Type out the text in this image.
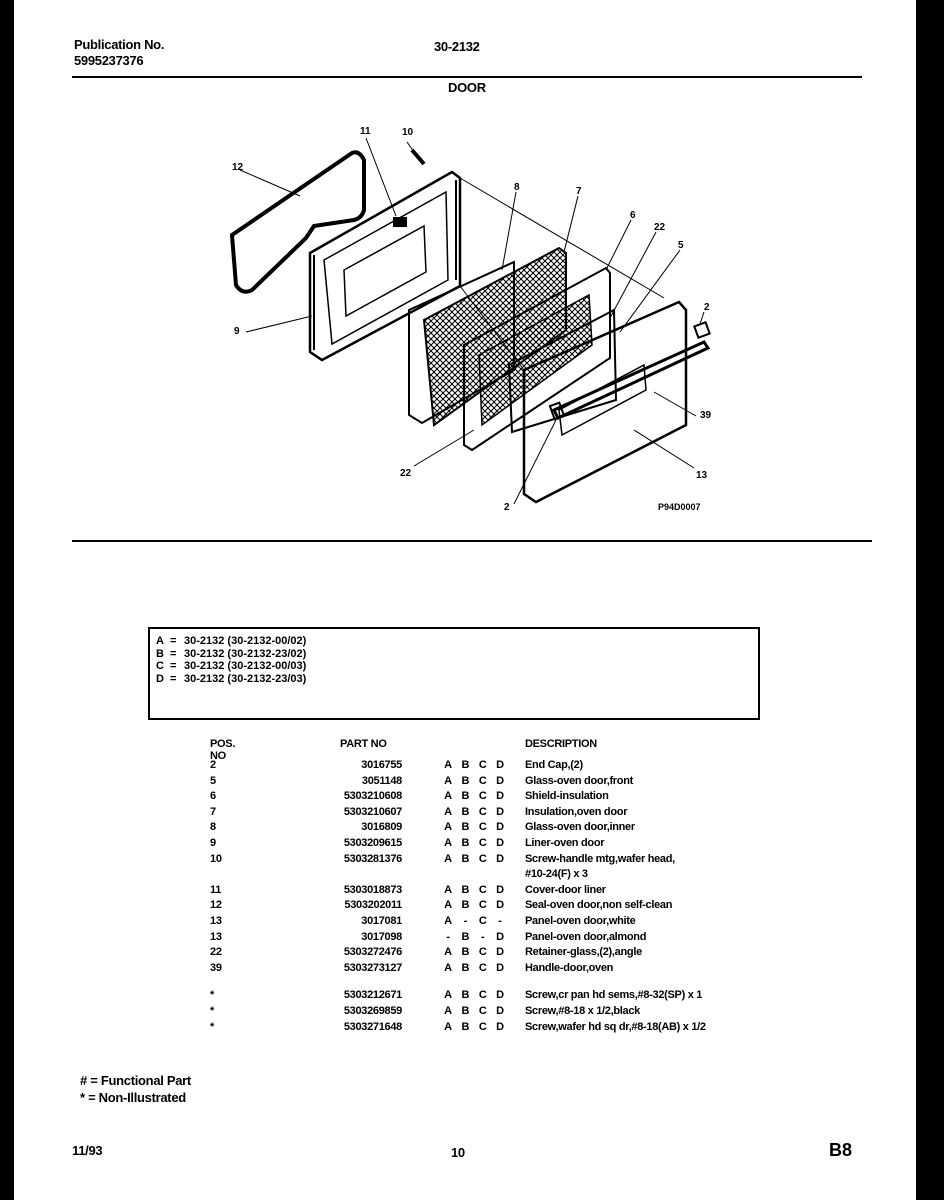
Publication No.
5995237376
30-2132
DOOR
11	10
12
8	7
6
22
5
2
9
39
22	13
2	P94D0007
A = 30-2132 (30-2132-00/02)
B = 30-2132 (30-2132-23/02)
C = 30-2132 (30-2132-00/03)
D = 30-2132 (30-2132-23/03)
POS. NO
PART NO	DESCRIPTION
2	3016755	A B C D End Cap,(2)
5	3051148	A B C D Glass-oven door,front
6	5303210608	A B C D Shield-insulation
7	5303210607	A B C D Insulation,oven door
8	3016809	A B C D Glass-oven door,inner
9	5303209615	A B C D Liner-oven door
10	5303281376	A B C D Screw-handle mtg,wafer head,
#10-24(F) x 3
11	5303018873	A B C D Cover-door liner
12	5303202011	A B C D Seal-oven door,non self-clean
13	3017081	A	-	C	-	Panel-oven door,white
13	3017098	-	B	-	D Panel-oven door,almond
22	5303272476	A B C D Retainer-glass,(2),angle
39	5303273127	A B C D Handle-door,oven
*	5303212671	A B C D Screw,cr pan hd sems,#8-32(SP) x 1
*	5303269859	A B C D Screw,#8-18 x 1/2,black
*	5303271648	A B C D Screw,wafer hd sq dr,#8-18(AB) x 1/2
# = Functional Part
* = Non-Illustrated
11/93	10	B8
